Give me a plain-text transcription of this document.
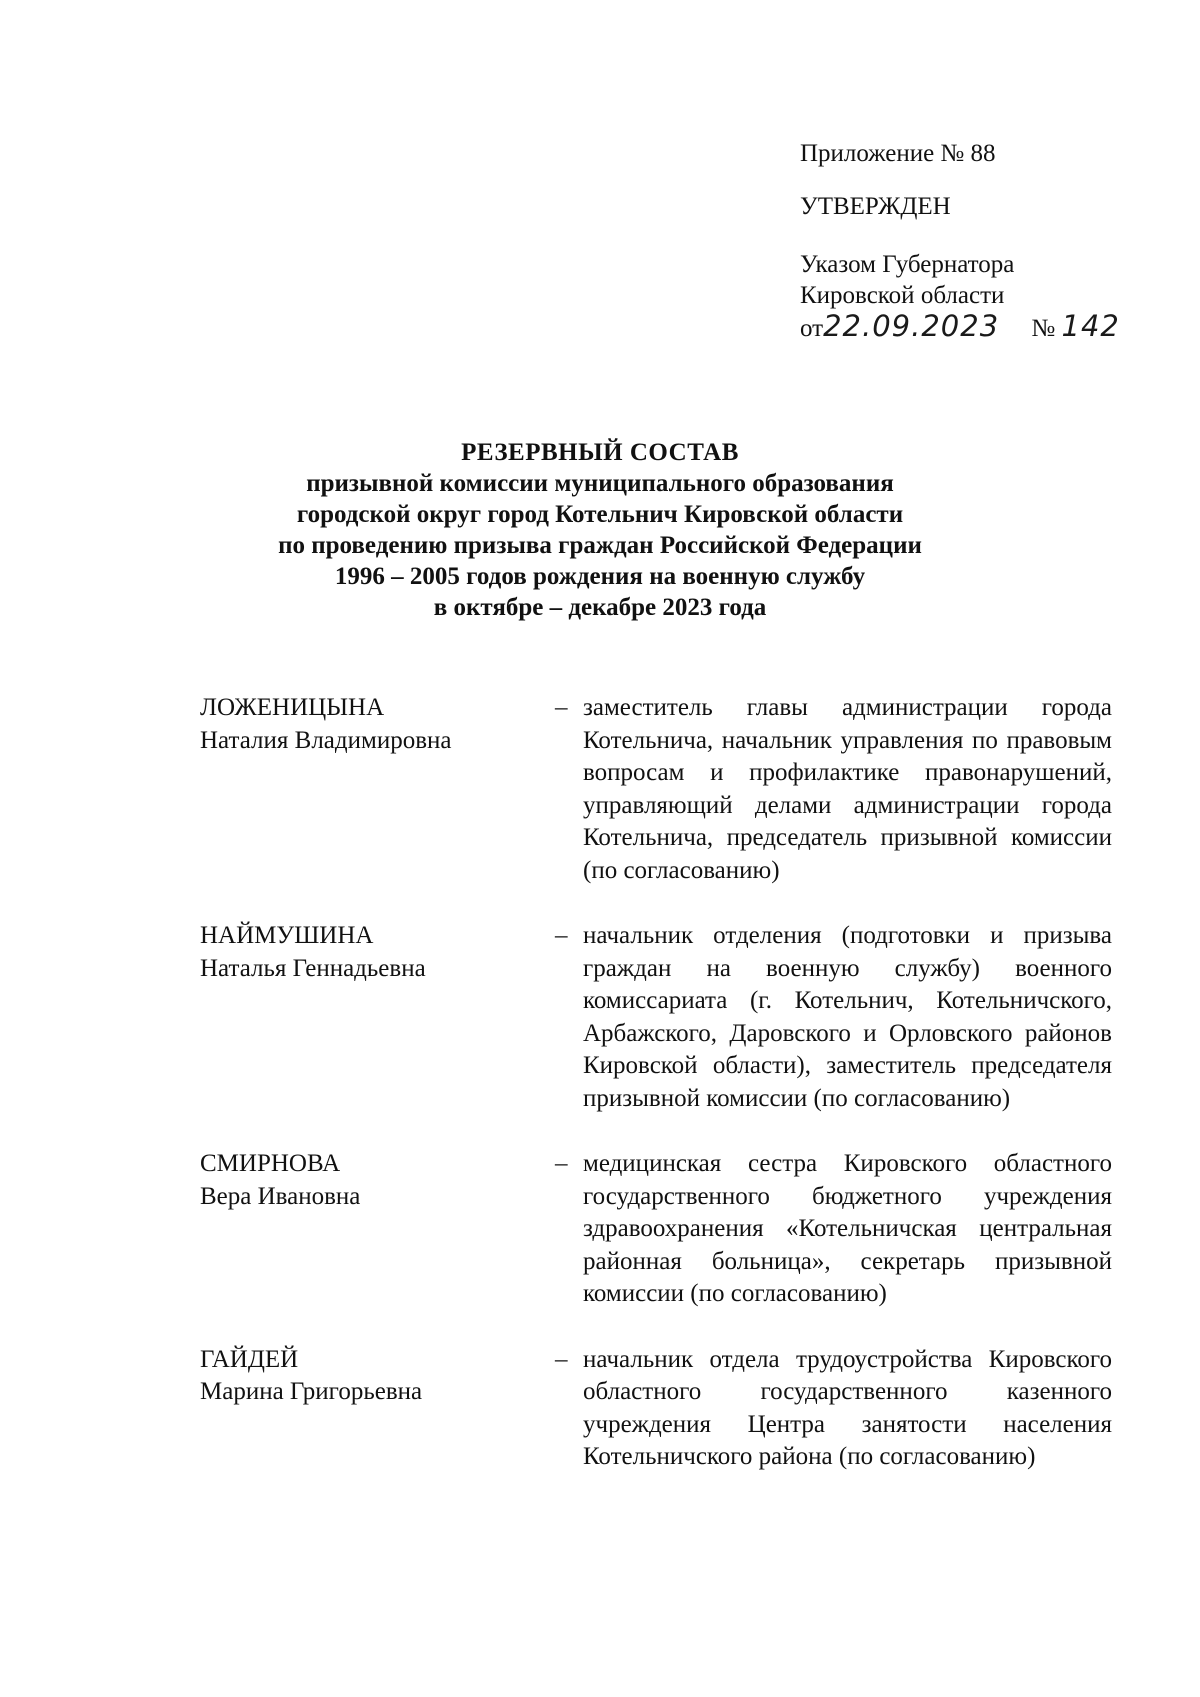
Приложение № 88
УТВЕРЖДЕН
Указом Губернатора
Кировской области
от22.09.2023 № 142
РЕЗЕРВНЫЙ СОСТАВ
призывной комиссии муниципального образования
городской округ город Котельнич Кировской области
по проведению призыва граждан Российской Федерации
1996 – 2005 годов рождения на военную службу
в октябре – декабре 2023 года
ЛОЖЕНИЦЫНА
Наталия Владимировна
– заместитель главы администрации города Котельнича, начальник управления по правовым вопросам и профилактике правонарушений, управляющий делами администрации города Котельнича, председатель призывной комиссии (по согласованию)
НАЙМУШИНА
Наталья Геннадьевна
– начальник отделения (подготовки и призыва граждан на военную службу) военного комиссариата (г. Котельнич, Котельничского, Арбажского, Даровского и Орловского районов Кировской области), заместитель председателя призывной комиссии (по согласованию)
СМИРНОВА
Вера Ивановна
– медицинская сестра Кировского областного государственного бюджетного учреждения здравоохранения «Котельничская центральная районная больница», секретарь призывной комиссии (по согласованию)
ГАЙДЕЙ
Марина Григорьевна
– начальник отдела трудоустройства Кировского областного государственного казенного учреждения Центра занятости населения Котельничского района (по согласованию)
